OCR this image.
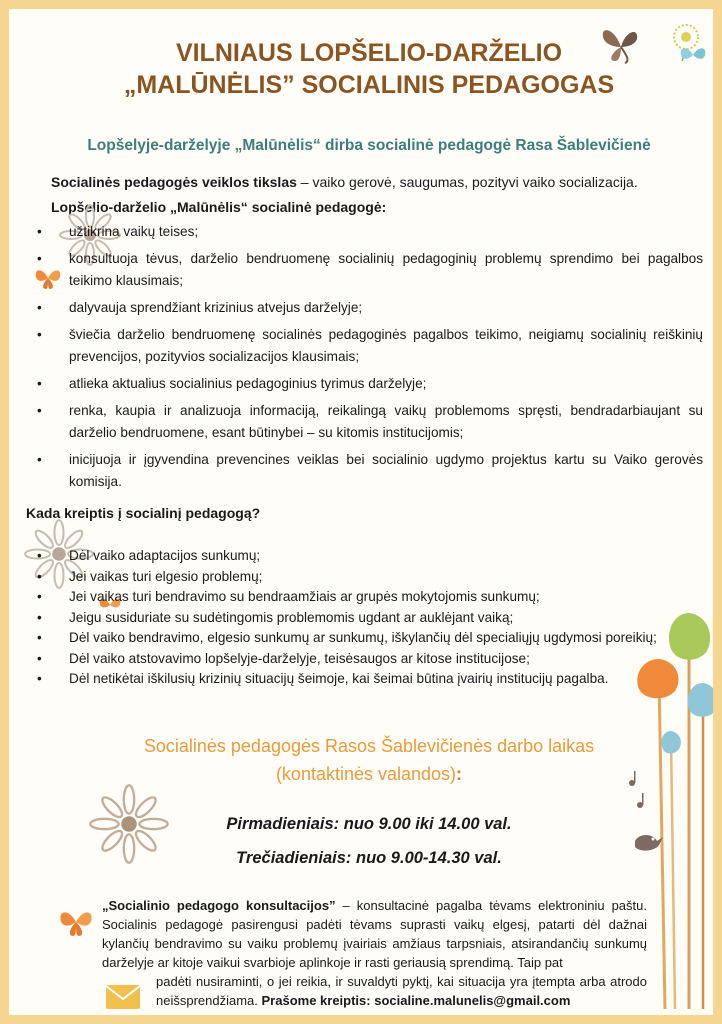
VILNIAUS LOPŠELIO-DARŽELIO
„MALŪNĖLIS” SOCIALINIS PEDAGOGAS

Lopšelyje-darželyje „Malūnėlis“ dirba socialinė pedagogė Rasa Šablevičienė

Socialinės pedagogės veiklos tikslas – vaiko gerovė, saugumas, pozityvi vaiko socializacija.

Lopšelio-darželio „Malūnėlis“ socialinė pedagogė:

• užtikrina vaikų teises;
• konsultuoja tėvus, darželio bendruomenę socialinių pedagoginių problemų sprendimo bei pagalbos teikimo klausimais;
• dalyvauja sprendžiant krizinius atvejus darželyje;
• šviečia darželio bendruomenę socialinės pedagoginės pagalbos teikimo, neigiamų socialinių reiškinių prevencijos, pozityvios socializacijos klausimais;
• atlieka aktualius socialinius pedagoginius tyrimus darželyje;
• renka, kaupia ir analizuoja informaciją, reikalingą vaikų problemoms spręsti, bendradarbiaujant su darželio bendruomene, esant būtinybei – su kitomis institucijomis;
• inicijuoja ir įgyvendina prevencines veiklas bei socialinio ugdymo projektus kartu su Vaiko gerovės komisija.

Kada kreiptis į socialinį pedagogą?

• Dėl vaiko adaptacijos sunkumų;
• Jei vaikas turi elgesio problemų;
• Jei vaikas turi bendravimo su bendraamžiais ar grupės mokytojomis sunkumų;
• Jeigu susiduriate su sudėtingomis problemomis ugdant ar auklėjant vaiką;
• Dėl vaiko bendravimo, elgesio sunkumų ar sunkumų, iškylančių dėl specialiųjų ugdymosi poreikių;
• Dėl vaiko atstovavimo lopšelyje-darželyje, teisėsaugos ar kitose institucijose;
• Dėl netikėtai iškilusių krizinių situacijų šeimoje, kai šeimai būtina įvairių institucijų pagalba.

Socialinės pedagogės Rasos Šablevičienės darbo laikas
(kontaktinės valandos):

Pirmadieniais: nuo 9.00 iki 14.00 val.

Trečiadieniais: nuo 9.00-14.30 val.

„Socialinio pedagogo konsultacijos” – konsultacinė pagalba tėvams elektroniniu paštu. Socialinis pedagogė pasirengusi padėti tėvams suprasti vaikų elgesį, patarti dėl dažnai kylančių bendravimo su vaiku problemų įvairiais amžiaus tarpsniais, atsirandančių sunkumų darželyje ar kitoje vaikui svarbioje aplinkoje ir rasti geriausią sprendimą. Taip pat

padėti nusiraminti, o jei reikia, ir suvaldyti pyktį, kai situacija yra įtempta arba atrodo neišsprendžiama. Prašome kreiptis: socialine.malunelis@gmail.com
